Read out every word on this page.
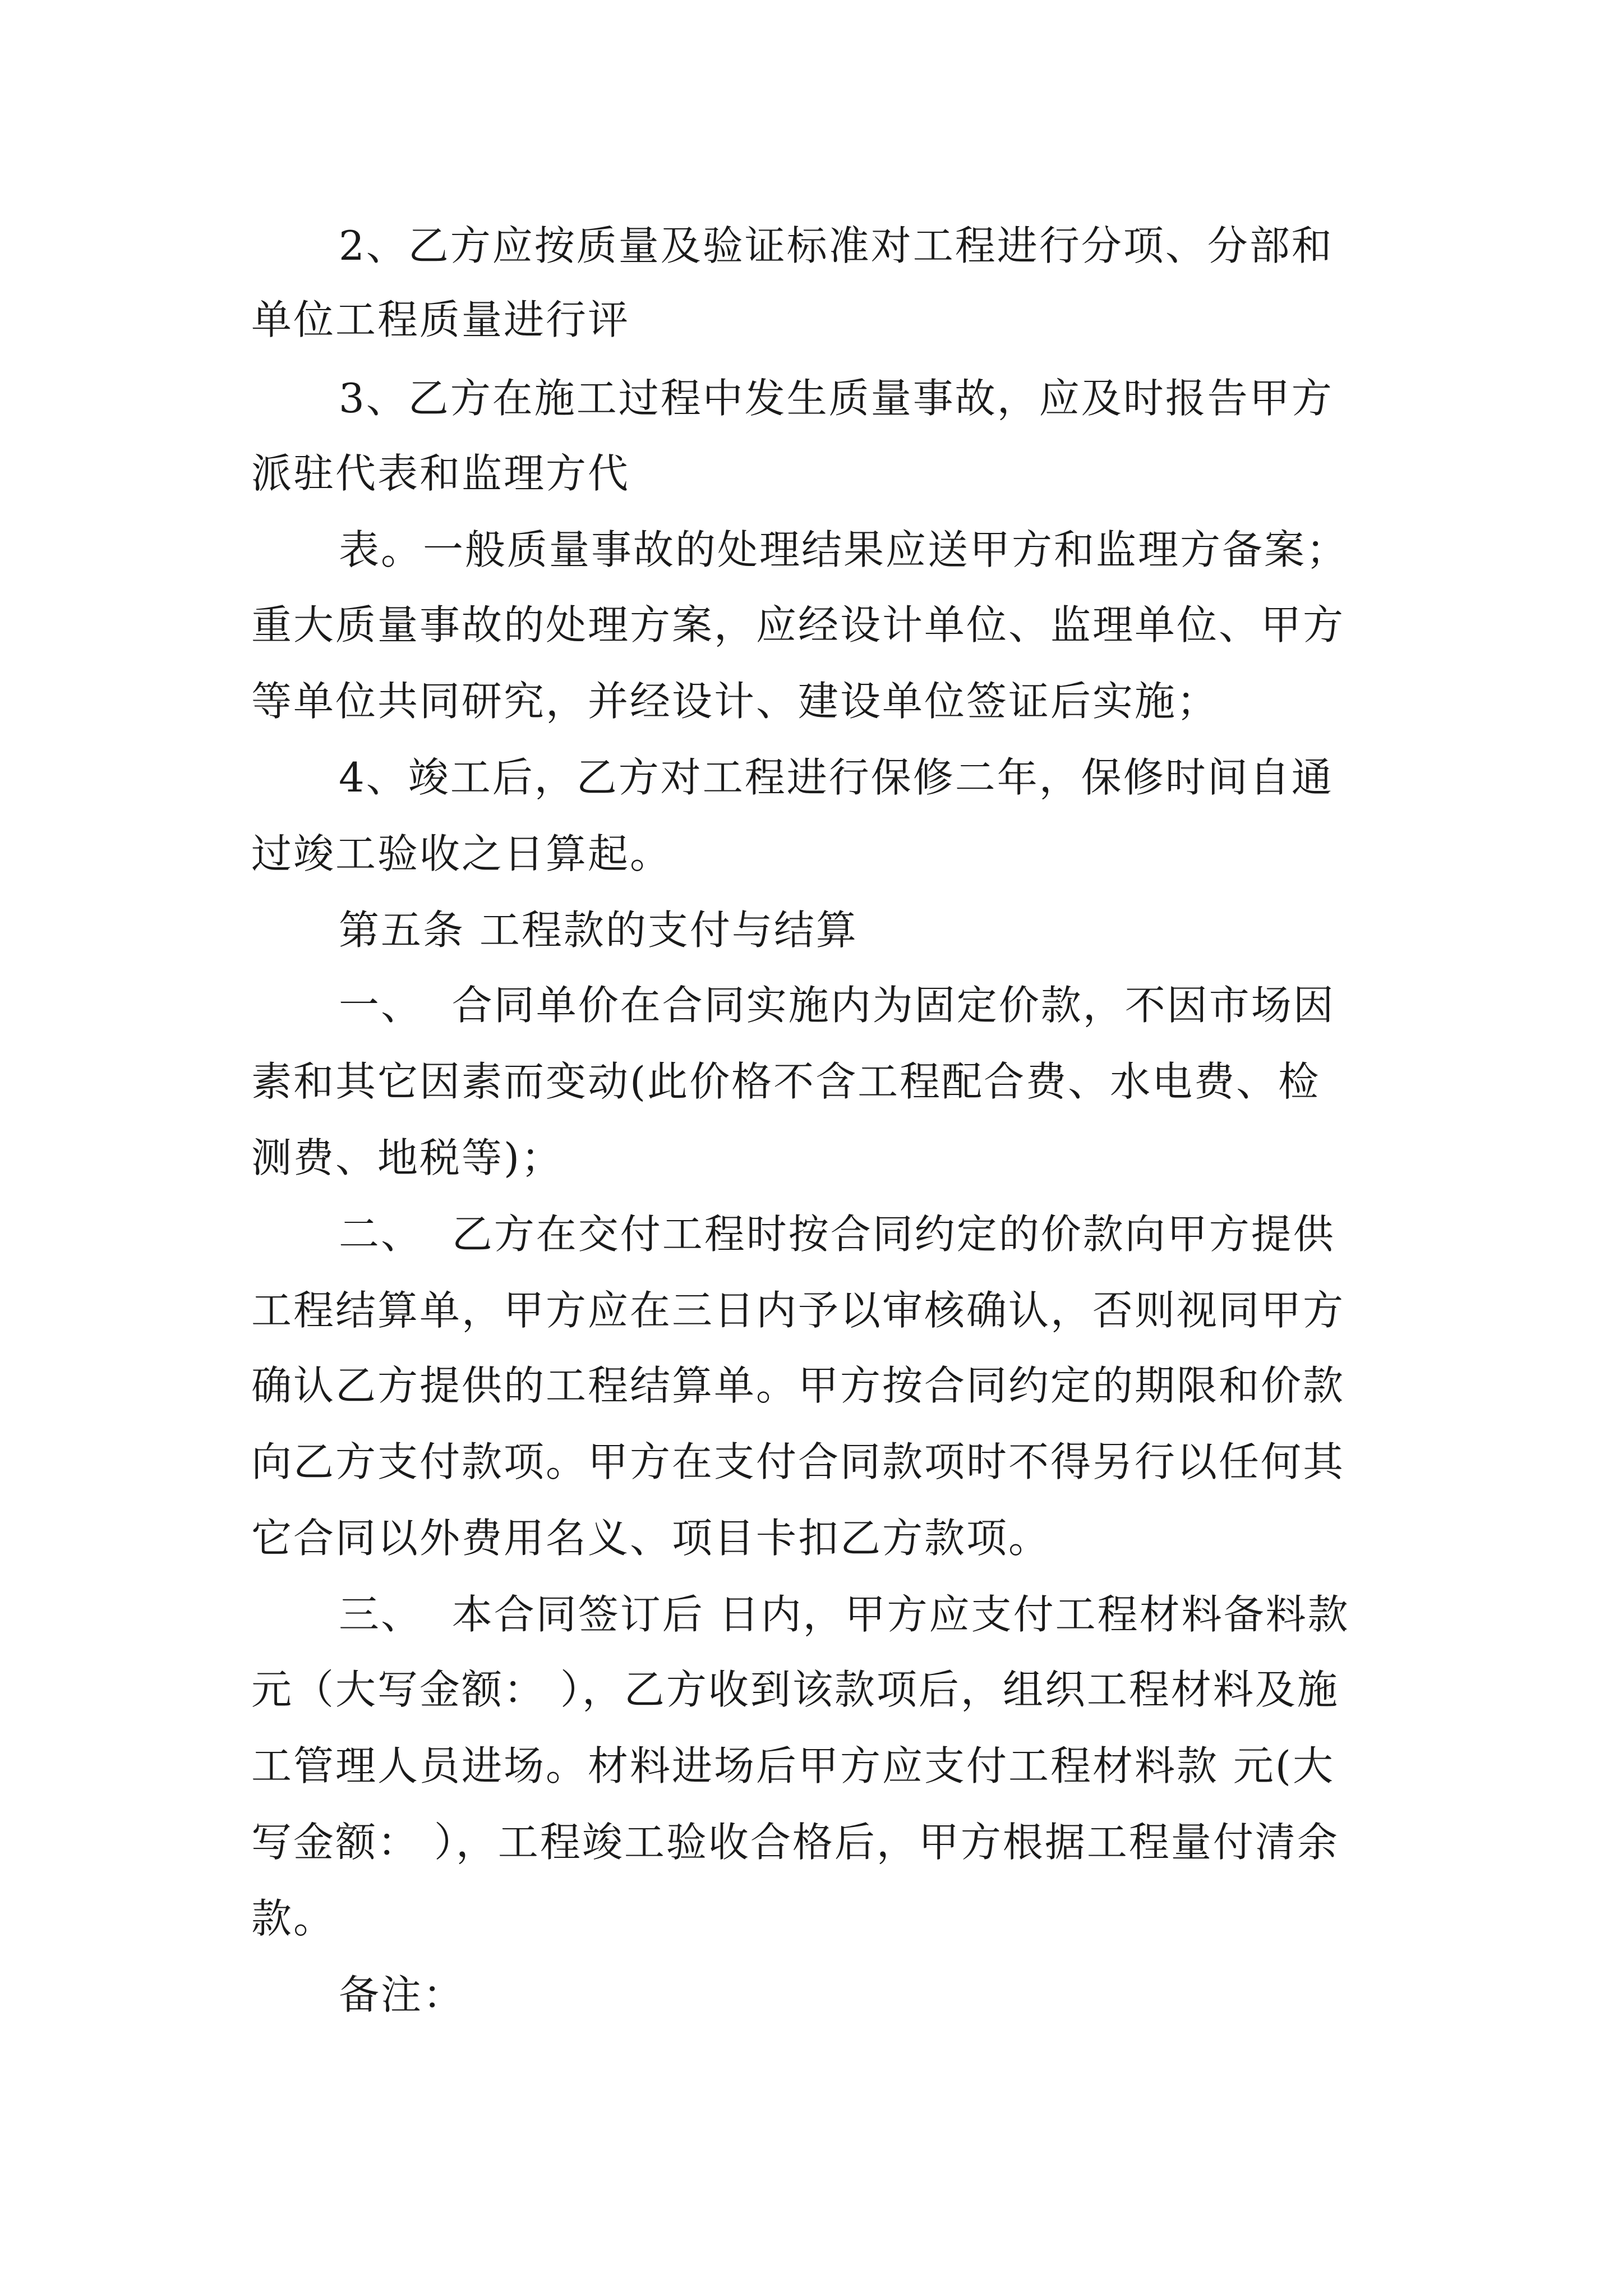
2、乙方应按质量及验证标准对工程进行分项、分部和

单位工程质量进行评

3、乙方在施工过程中发生质量事故，应及时报告甲方

派驻代表和监理方代

表。一般质量事故的处理结果应送甲方和监理方备案；

重大质量事故的处理方案，应经设计单位、监理单位、甲方

等单位共同研究，并经设计、建设单位签证后实施；

4、竣工后，乙方对工程进行保修二年，保修时间自通

过竣工验收之日算起。

第五条 工程款的支付与结算

一、  合同单价在合同实施内为固定价款，不因市场因

素和其它因素而变动(此价格不含工程配合费、水电费、检

测费、地税等)；

二、  乙方在交付工程时按合同约定的价款向甲方提供

工程结算单，甲方应在三日内予以审核确认，否则视同甲方

确认乙方提供的工程结算单。甲方按合同约定的期限和价款

向乙方支付款项。甲方在支付合同款项时不得另行以任何其

它合同以外费用名义、项目卡扣乙方款项。

三、  本合同签订后 日内，甲方应支付工程材料备料款

元（大写金额： ），乙方收到该款项后，组织工程材料及施

工管理人员进场。材料进场后甲方应支付工程材料款 元(大

写金额： ），工程竣工验收合格后，甲方根据工程量付清余

款。

备注：
